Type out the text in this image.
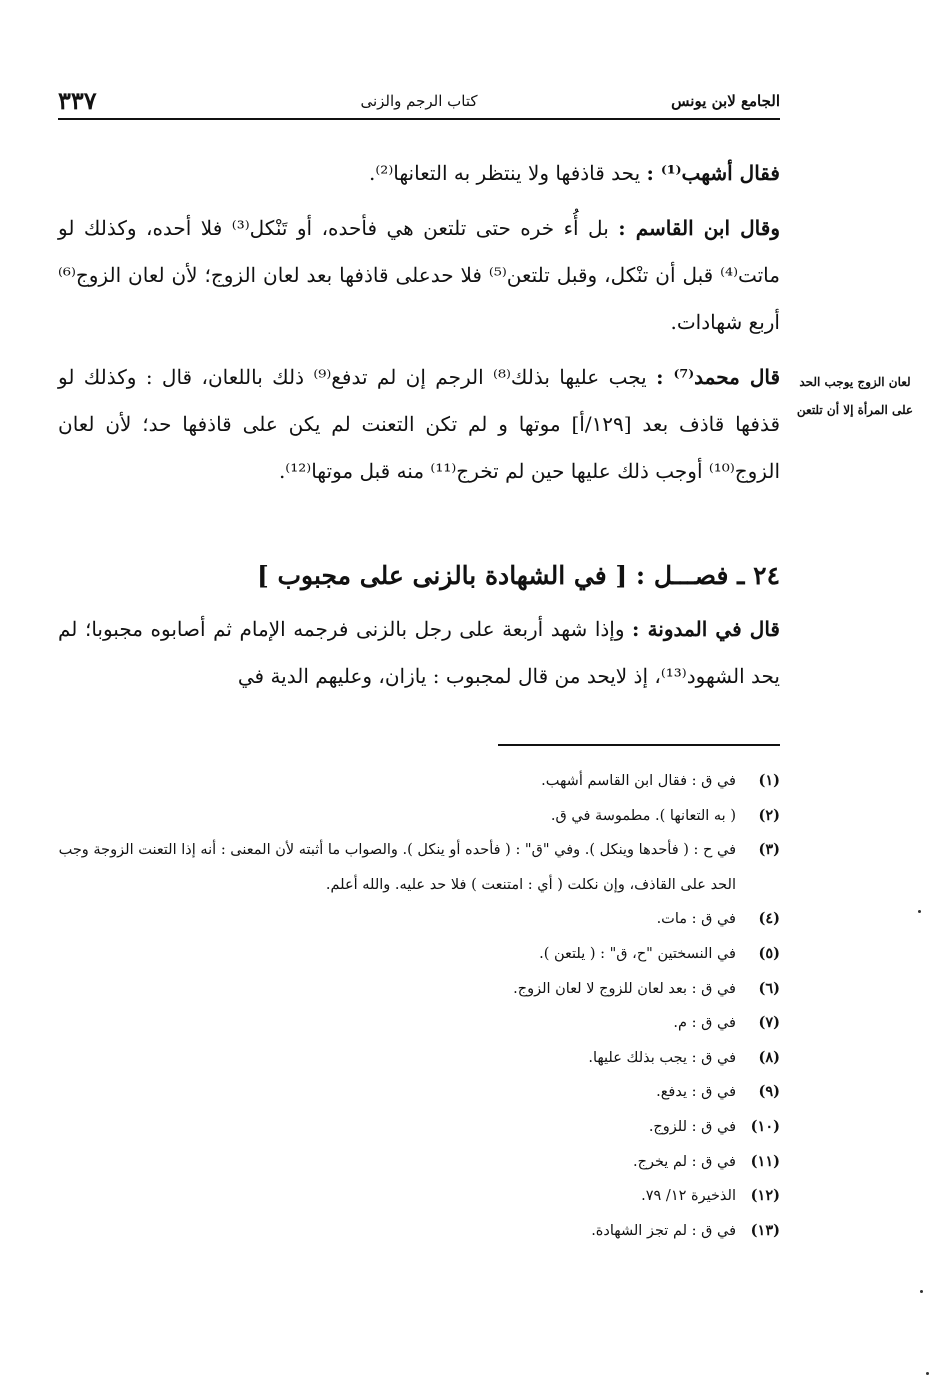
الجامع لابن يونس
كتاب الرجم والزنى
٣٣٧

فقال أشهب⁽¹⁾ : يحد قاذفها ولا ينتظر به التعانها⁽²⁾.

وقال ابن القاسم : بل أُء خره حتى تلتعن هي فأحده، أو تَنْكل⁽³⁾ فلا أحده، وكذلك لو ماتت⁽⁴⁾ قبل أن تنْكل، وقبل تلتعن⁽⁵⁾ فلا حدعلى قاذفها بعد لعان الزوج؛ لأن لعان الزوج⁽⁶⁾ أربع شهادات.

قال محمد⁽⁷⁾ : يجب عليها بذلك⁽⁸⁾ الرجم إن لم تدفع⁽⁹⁾ ذلك باللعان، قال : وكذلك لو قذفها قاذف بعد [١٢٩/أ] موتها و لم تكن التعنت لم يكن على قاذفها حد؛ لأن لعان الزوج⁽¹⁰⁾ أوجب ذلك عليها حين لم تخرج⁽¹¹⁾ منه قبل موتها⁽¹²⁾.

لعان الزوج يوجب الحد
على المرأة إلا أن تلتعن
٢٤ ـ فصـــل : [ في الشهادة بالزنى على مجبوب ]

قال في المدونة : وإذا شهد أربعة على رجل بالزنى فرجمه الإمام ثم أصابوه مجبوبا؛ لم يحد الشهود⁽¹³⁾، إذ لايحد من قال لمجبوب : يازان، وعليهم الدية في

(١)
في ق : فقال ابن القاسم أشهب.
(٢)
( به التعانها ). مطموسة في ق.
(٣)
في ح : ( فأحدها وينكل ). وفي "ق" : ( فأحده أو ينكل ). والصواب ما أثبته لأن المعنى : أنه إذا التعنت الزوجة وجب الحد على القاذف، وإن نكلت ( أي : امتنعت ) فلا حد عليه. والله أعلم.
(٤)
في ق : مات.
(٥)
في النسختين "ح، ق" : ( يلتعن ).
(٦)
في ق : بعد لعان للزوج لا لعان الزوج.
(٧)
في ق : م.
(٨)
في ق : يجب بذلك عليها.
(٩)
في ق : يدفع.
(١٠)
في ق : للزوج.
(١١)
في ق : لم يخرج.
(١٢)
الذخيرة ١٢/ ٧٩.
(١٣)
في ق : لم تجز الشهادة.
